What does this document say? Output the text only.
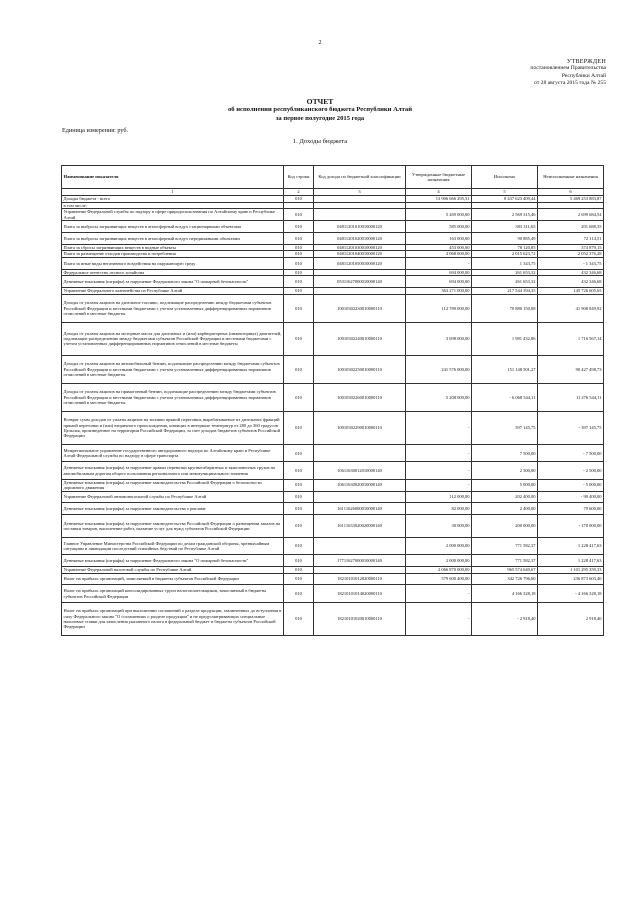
2
УТВЕРЖДЕН
постановлением Правительства
Республики Алтай
от 28 августа 2015 года № 255
ОТЧЕТ
об исполнении республиканского бюджета Республики Алтай
за первое полугодие 2015 года
Единица измерения: руб.
1. Доходы бюджета
Наименование показателя	Код строки	Код дохода по бюджетной классификации	Утвержденные бюджетные назначения	Исполнено	Неисполненные назначения
1	2	3	4	5	6
Доходы бюджета - всего	010		13 906 666 295,31	8 437 623 409,44	5 469 253 883,87
в том числе:					
Управление Федеральной службы по надзору в сфере природопользования по Алтайскому краю и Республике Алтай	010		5 269 000,00	2 569 315,46	2 699 684,54
Плата за выбросы загрязняющих веществ в атмосферный воздух стационарными объектами	010	04811201010010000120	585 000,00	383 311,65	201 688,35
Плата за выбросы загрязняющих веществ в атмосферный воздух передвижными объектами	010	04811201020010000120	163 000,00	90 885,49	72 114,51
Плата за сбросы загрязняющих веществ в водные объекты	010	04811201030010000120	453 000,00	78 120,85	374 879,15
Плата за размещение отходов производства и потребления	010	04811201040010000120	4 068 000,00	2 015 623,72	2 052 376,28
Плата за иные виды негативного воздействия на окружающую среду	010	04811201050010000120	-	1 343,75	- 1 343,75
Федеральное агентство лесного хозяйства	010		694 000,00	261 653,32	432 346,68
Денежные взыскания (штрафы) за нарушение Федерального закона "О пожарной безопасности"	010	05311627000010000140	694 000,00	261 653,32	432 346,68
Управление Федерального казначейства по Республике Алтай	010		363 271 000,00	217 544 394,35	145 726 605,65
Доходы от уплаты акцизов на дизельное топливо, подлежащие распределению между бюджетами субъектов Российской Федерации и местными бюджетами с учетом установленных дифференцированных нормативов отчислений в местные бюджеты	010	10010302230010000110	112 789 000,00	70 880 150,08	41 908 849,92
Доходы от уплаты акцизов на моторные масла для дизельных и (или) карбюраторных (инжекторных) двигателей, подлежащие распределению между бюджетами субъектов Российской Федерации и местными бюджетами с учетом установленных дифференцированных нормативов отчислений в местные бюджеты	010	10010302240010000110	3 698 000,00	1 981 432,86	1 716 567,14
Доходы от уплаты акцизов на автомобильный бензин, подлежащие распределению между бюджетами субъектов Российской Федерации и местными бюджетами с учетом установленных дифференцированных нормативов отчислений в местные бюджеты	010	10010302250010000110	241 576 000,00	151 148 501,27	90 427 498,73
Доходы от уплаты акцизов на прямогонный бензин, подлежащие распределению между бюджетами субъектов Российской Федерации и местными бюджетами с учетом установленных дифференцированных нормативов отчислений в местные бюджеты	010	10010302260010000110	5 208 000,00	- 6 068 544,11	11 276 544,11
Возврат сумм доходов от уплаты акцизов на топливо прямой перегонки, вырабатываемое из дизельных фракций прямой перегонки и (или) вторичного происхождения, кипящих в интервале температур от 280 до 360 градусов Цельсия, произведенное на территории Российской Федерации, за счет доходов бюджетов субъектов Российской Федерации	010	10010302290010000110	-	397 145,75	- 397 145,75
Межрегиональное управление государственного автодорожного надзора по Алтайскому краю и Республике Алтай Федеральной службы по надзору в сфере транспорта	010		-	7 500,00	- 7 500,00
Денежные взыскания (штрафы) за нарушение правил перевозки крупногабаритных и тяжеловесных грузов по автомобильным дорогам общего пользования регионального или межмуниципального значения	010	10611630012010000140	-	2 500,00	- 2 500,00
Денежные взыскания (штрафы) за нарушение законодательства Российской Федерации о безопасности дорожного движения	010	10611630020010000140	-	5 000,00	- 5 000,00
Управление Федеральной антимонопольной службы по Республике Алтай	010		112 000,00	202 400,00	- 90 400,00
Денежные взыскания (штрафы) за нарушение законодательства о рекламе	010	16111626000010000140	82 000,00	2 400,00	79 600,00
Денежные взыскания (штрафы) за нарушение законодательства Российской Федерации о размещении заказов на поставки товаров, выполнение работ, оказание услуг для нужд субъектов Российской Федерации	010	16111633020020000140	30 000,00	200 000,00	- 170 000,00
Главное Управление Министерства Российской Федерации по делам гражданской обороны, чрезвычайным ситуациям и ликвидации последствий стихийных бедствий по Республике Алтай	010		2 000 000,00	771 582,37	1 228 417,63
Денежные взыскания (штрафы) за нарушение Федерального закона "О пожарной безопасности"	010	17711627000010000140	2 000 000,00	771 582,37	1 228 417,63
Управление Федеральной налоговой службы по Республике Алтай	010		2 066 870 000,00	965 574 640,67	1 101 295 359,33
Налог на прибыль организаций, зачисляемый в бюджеты субъектов Российской Федерации	010	18210101012020000110	579 600 400,00	342 726 796,60	236 873 603,40
Налог на прибыль организаций консолидированных групп налогоплательщиков, зачисляемый в бюджеты субъектов Российской Федерации	010	18210101014020000110	-	4 166 328,18	- 4 166 328,18
Налог на прибыль организаций при выполнении соглашений о разделе продукции, заключенных до вступления в силу Федерального закона "О соглашениях о разделе продукции" и не предусматривающих специальные налоговые ставки для зачисления указанного налога в федеральный бюджет и бюджеты субъектов Российской Федерации	010	18210101020010000110	-	- 2 918,40	2 918,40
